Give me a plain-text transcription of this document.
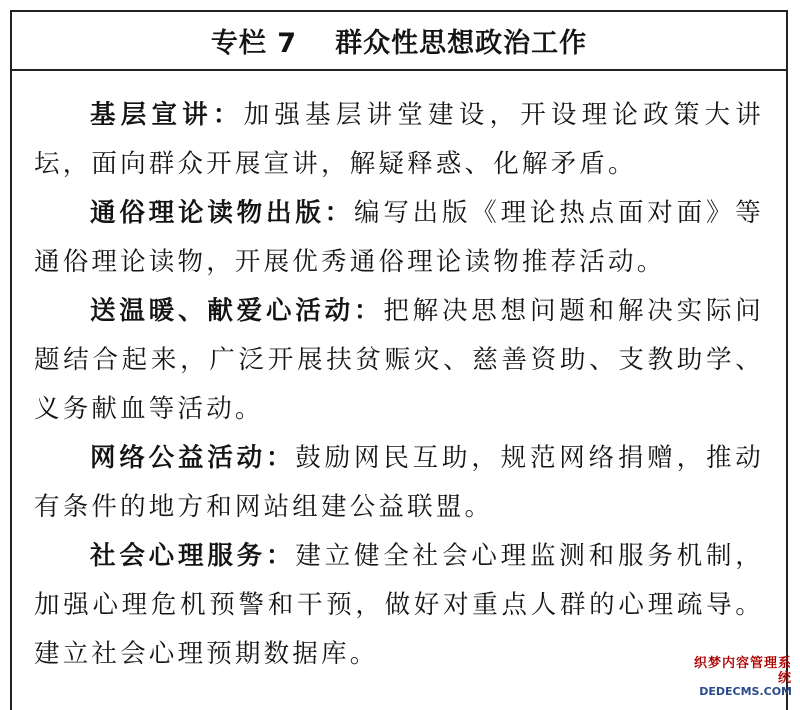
专栏 7 群众性思想政治工作

基层宣讲：加强基层讲堂建设，开设理论政策大讲坛，面向群众开展宣讲，解疑释惑、化解矛盾。

通俗理论读物出版：编写出版《理论热点面对面》等通俗理论读物，开展优秀通俗理论读物推荐活动。

送温暖、献爱心活动：把解决思想问题和解决实际问题结合起来，广泛开展扶贫赈灾、慈善资助、支教助学、义务献血等活动。

网络公益活动：鼓励网民互助，规范网络捐赠，推动有条件的地方和网站组建公益联盟。

社会心理服务：建立健全社会心理监测和服务机制，加强心理危机预警和干预，做好对重点人群的心理疏导。建立社会心理预期数据库。	织梦内容管理系统
DEDECMS.COM
